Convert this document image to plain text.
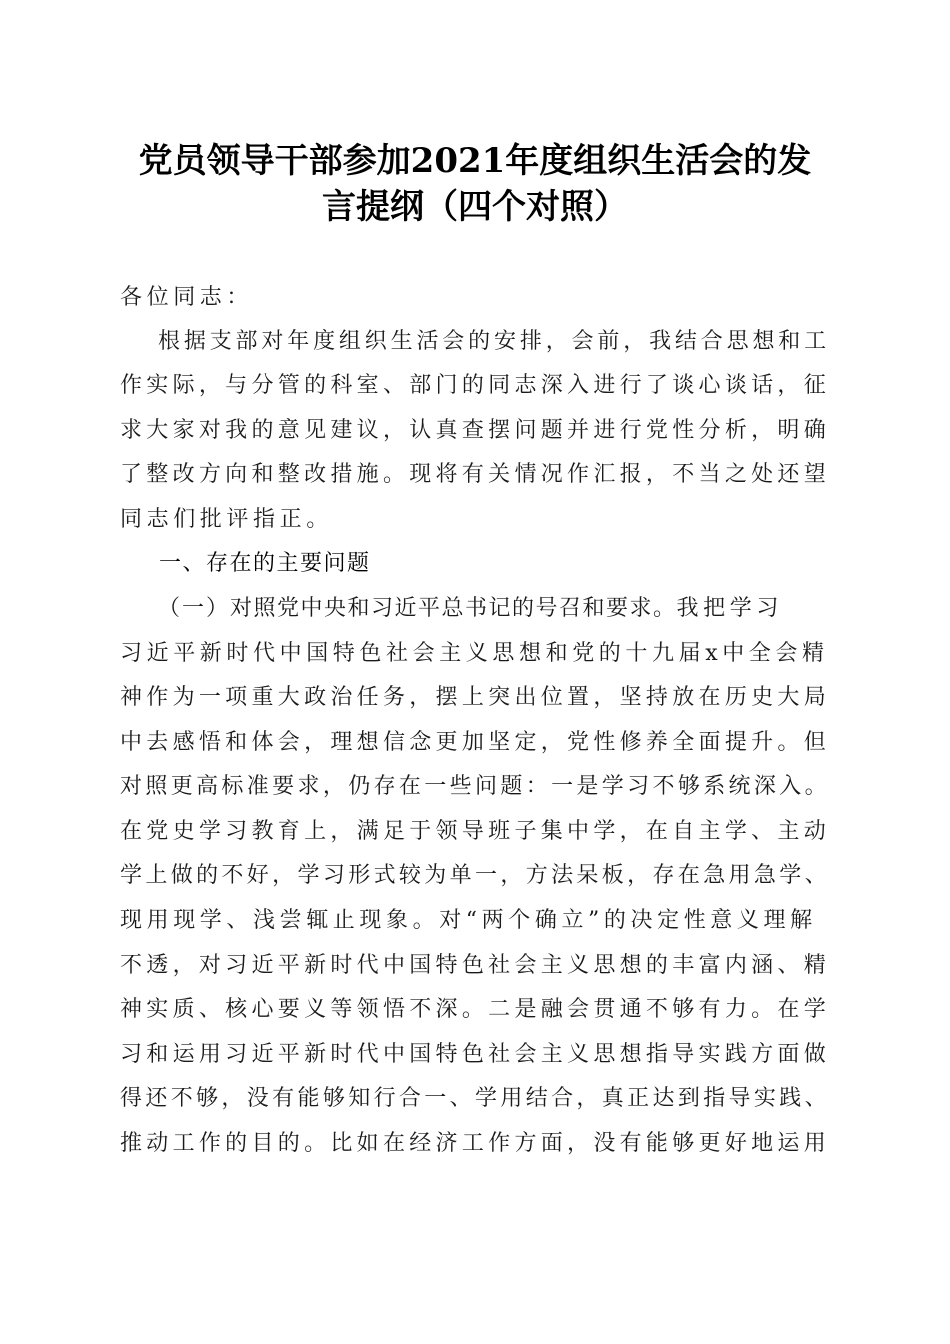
党员领导干部参加2021年度组织生活会的发
言提纲（四个对照）
各位同志：
根据支部对年度组织生活会的安排，会前，我结合思想和工
作实际，与分管的科室、部门的同志深入进行了谈心谈话，征
求大家对我的意见建议，认真查摆问题并进行党性分析，明确
了整改方向和整改措施。现将有关情况作汇报，不当之处还望
同志们批评指正。
一、存在的主要问题
（一）对照党中央和习近平总书记的号召和要求。我把学习
习近平新时代中国特色社会主义思想和党的十九届x中全会精
神作为一项重大政治任务，摆上突出位置，坚持放在历史大局
中去感悟和体会，理想信念更加坚定，党性修养全面提升。但
对照更高标准要求，仍存在一些问题：一是学习不够系统深入。
在党史学习教育上，满足于领导班子集中学，在自主学、主动
学上做的不好，学习形式较为单一，方法呆板，存在急用急学、
现用现学、浅尝辄止现象。对“两个确立”的决定性意义理解
不透，对习近平新时代中国特色社会主义思想的丰富内涵、精
神实质、核心要义等领悟不深。二是融会贯通不够有力。在学
习和运用习近平新时代中国特色社会主义思想指导实践方面做
得还不够，没有能够知行合一、学用结合，真正达到指导实践、
推动工作的目的。比如在经济工作方面，没有能够更好地运用
